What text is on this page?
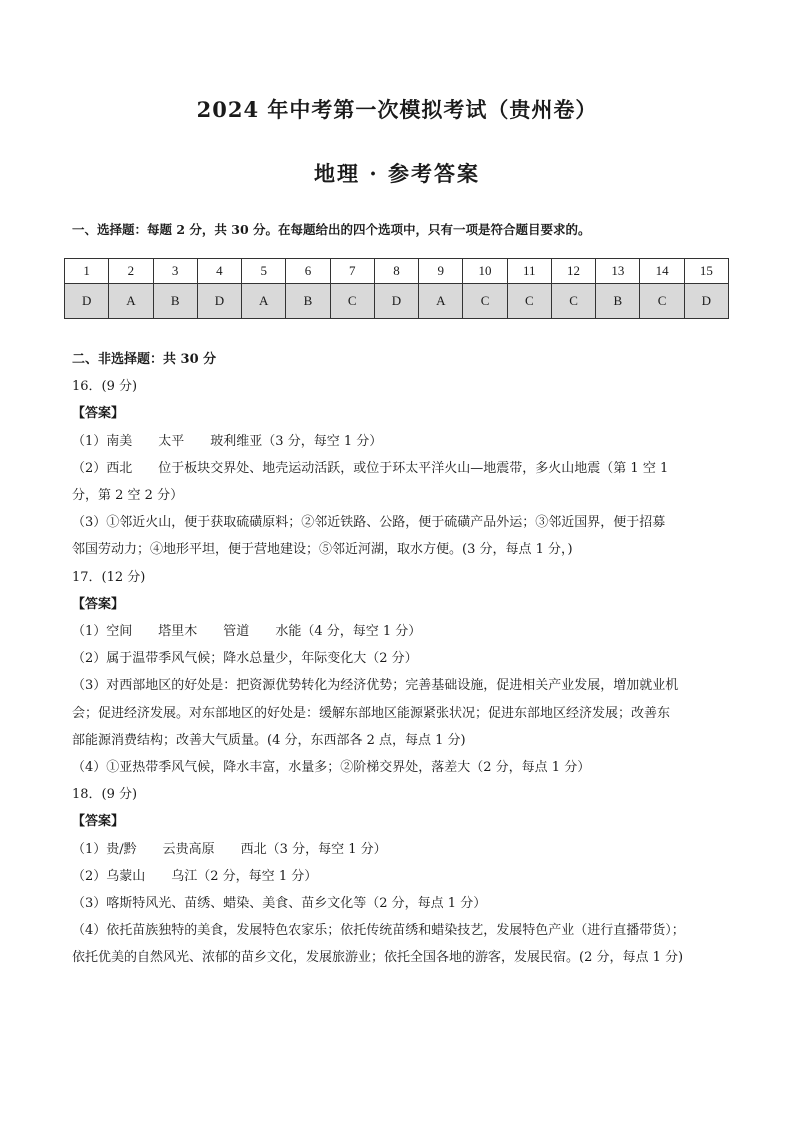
2024 年中考第一次模拟考试（贵州卷）
地理 · 参考答案
一、选择题：每题 2 分，共 30 分。在每题给出的四个选项中，只有一项是符合题目要求的。
1	2	3	4	5	6	7	8	9	10	11	12	13	14	15
D	A	B	D	A	B	C	D	A	C	C	C	B	C	D
二、非选择题：共 30 分
16．(9 分)
【答案】
（1）南美 太平 玻利维亚（3 分，每空 1 分）
（2）西北 位于板块交界处、地壳运动活跃，或位于环太平洋火山—地震带，多火山地震（第 1 空 1
分，第 2 空 2 分）
（3）①邻近火山，便于获取硫磺原料；②邻近铁路、公路，便于硫磺产品外运；③邻近国界，便于招募
邻国劳动力；④地形平坦，便于营地建设；⑤邻近河湖，取水方便。(3 分，每点 1 分，)
17．(12 分)
【答案】
（1）空间 塔里木 管道 水能（4 分，每空 1 分）
（2）属于温带季风气候；降水总量少，年际变化大（2 分）
（3）对西部地区的好处是：把资源优势转化为经济优势；完善基础设施，促进相关产业发展，增加就业机
会；促进经济发展。对东部地区的好处是：缓解东部地区能源紧张状况；促进东部地区经济发展；改善东
部能源消费结构；改善大气质量。(4 分，东西部各 2 点，每点 1 分)
（4）①亚热带季风气候，降水丰富，水量多；②阶梯交界处，落差大（2 分，每点 1 分）
18．(9 分)
【答案】
（1）贵/黔 云贵高原 西北（3 分，每空 1 分）
（2）乌蒙山 乌江（2 分，每空 1 分）
（3）喀斯特风光、苗绣、蜡染、美食、苗乡文化等（2 分，每点 1 分）
（4）依托苗族独特的美食，发展特色农家乐；依托传统苗绣和蜡染技艺，发展特色产业（进行直播带货）；
依托优美的自然风光、浓郁的苗乡文化，发展旅游业；依托全国各地的游客，发展民宿。(2 分，每点 1 分)
